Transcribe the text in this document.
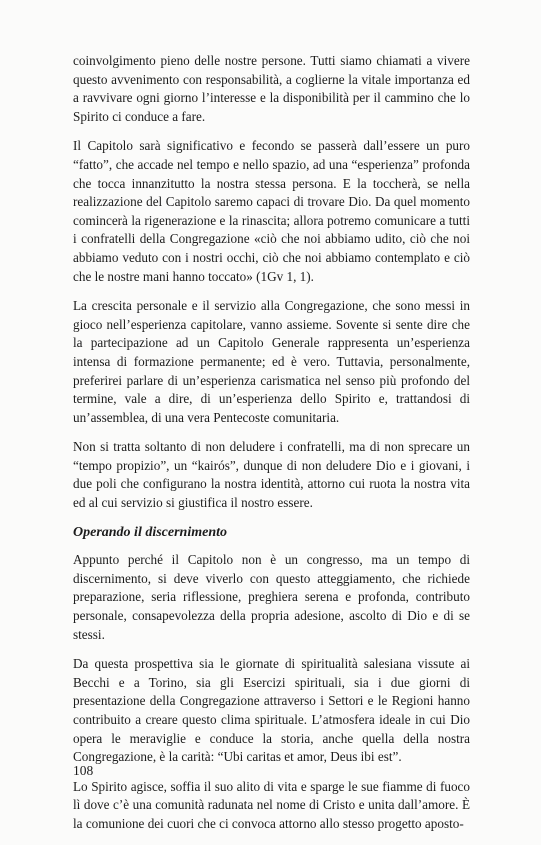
coinvolgimento pieno delle nostre persone. Tutti siamo chiamati a vivere questo avvenimento con responsabilità, a coglierne la vitale importanza ed a ravvivare ogni giorno l’interesse e la disponibilità per il cammino che lo Spirito ci conduce a fare.

Il Capitolo sarà significativo e fecondo se passerà dall’essere un puro “fatto”, che accade nel tempo e nello spazio, ad una “esperienza” profonda che tocca innanzitutto la nostra stessa persona. E la toccherà, se nella realizzazione del Capitolo saremo capaci di trovare Dio. Da quel momento comincerà la rigenerazione e la rinascita; allora potremo comunicare a tutti i confratelli della Congregazione «ciò che noi abbiamo udito, ciò che noi abbiamo veduto con i nostri occhi, ciò che noi abbiamo contemplato e ciò che le nostre mani hanno toccato» (1Gv 1, 1).

La crescita personale e il servizio alla Congregazione, che sono messi in gioco nell’esperienza capitolare, vanno assieme. Sovente si sente dire che la partecipazione ad un Capitolo Generale rappresenta un’esperienza intensa di formazione permanente; ed è vero. Tuttavia, personalmente, preferirei parlare di un’esperienza carismatica nel senso più profondo del termine, vale a dire, di un’esperienza dello Spirito e, trattandosi di un’assemblea, di una vera Pentecoste comunitaria.

Non si tratta soltanto di non deludere i confratelli, ma di non sprecare un “tempo propizio”, un “kairós”, dunque di non deludere Dio e i giovani, i due poli che configurano la nostra identità, attorno cui ruota la nostra vita ed al cui servizio si giustifica il nostro essere.

Operando il discernimento

Appunto perché il Capitolo non è un congresso, ma un tempo di discernimento, si deve viverlo con questo atteggiamento, che richiede preparazione, seria riflessione, preghiera serena e profonda, contributo personale, consapevolezza della propria adesione, ascolto di Dio e di se stessi.

Da questa prospettiva sia le giornate di spiritualità salesiana vissute ai Becchi e a Torino, sia gli Esercizi spirituali, sia i due giorni di presentazione della Congregazione attraverso i Settori e le Regioni hanno contribuito a creare questo clima spirituale. L’atmosfera ideale in cui Dio opera le meraviglie e conduce la storia, anche quella della nostra Congregazione, è la carità: “Ubi caritas et amor, Deus ibi est”.

Lo Spirito agisce, soffia il suo alito di vita e sparge le sue fiamme di fuoco lì dove c’è una comunità radunata nel nome di Cristo e unita dall’amore. È la comunione dei cuori che ci convoca attorno allo stesso progetto aposto-

108
